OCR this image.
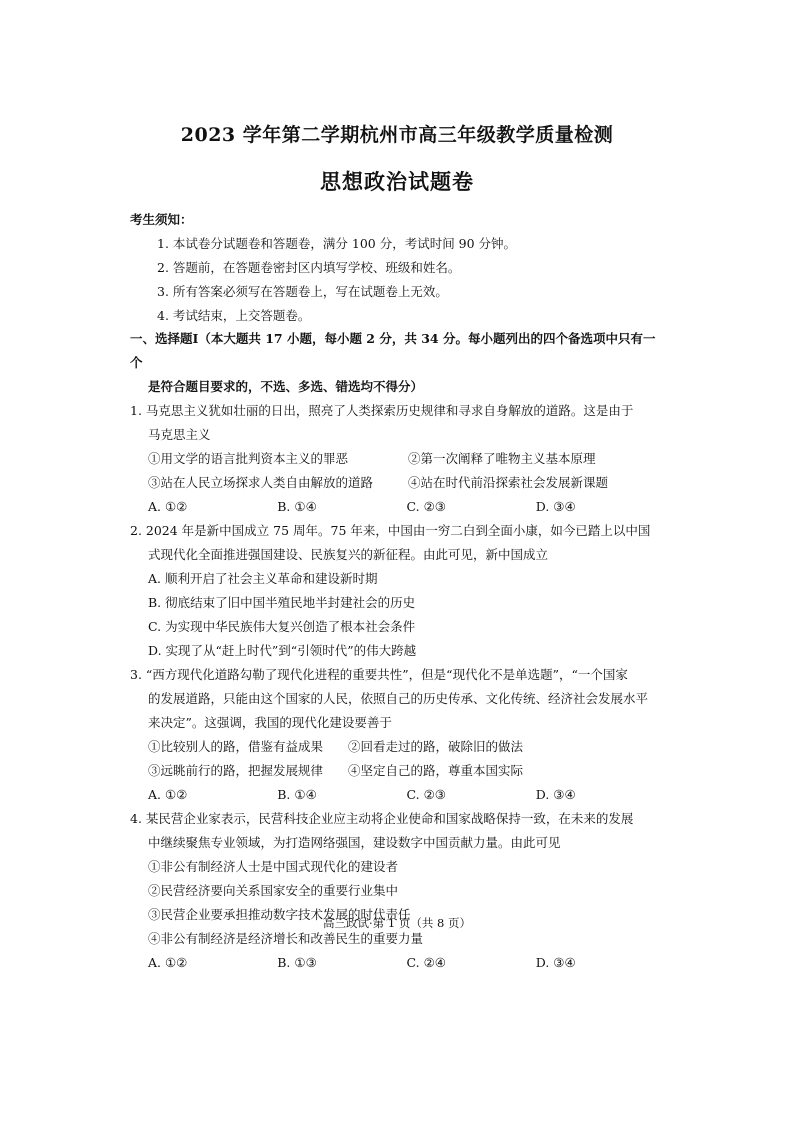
2023 学年第二学期杭州市高三年级教学质量检测
思想政治试题卷
考生须知：
1. 本试卷分试题卷和答题卷，满分 100 分，考试时间 90 分钟。
2. 答题前，在答题卷密封区内填写学校、班级和姓名。
3. 所有答案必须写在答题卷上，写在试题卷上无效。
4. 考试结束，上交答题卷。
一、选择题Ⅰ（本大题共 17 小题，每小题 2 分，共 34 分。每小题列出的四个备选项中只有一个
是符合题目要求的，不选、多选、错选均不得分）
1. 马克思主义犹如壮丽的日出，照亮了人类探索历史规律和寻求自身解放的道路。这是由于
马克思主义
①用文学的语言批判资本主义的罪恶	②第一次阐释了唯物主义基本原理
③站在人民立场探求人类自由解放的道路	④站在时代前沿探索社会发展新课题
A. ①②	B. ①④	C. ②③	D. ③④
2. 2024 年是新中国成立 75 周年。75 年来，中国由一穷二白到全面小康，如今已踏上以中国
式现代化全面推进强国建设、民族复兴的新征程。由此可见，新中国成立
A. 顺利开启了社会主义革命和建设新时期
B. 彻底结束了旧中国半殖民地半封建社会的历史
C. 为实现中华民族伟大复兴创造了根本社会条件
D. 实现了从“赶上时代”到“引领时代”的伟大跨越
3. “西方现代化道路勾勒了现代化进程的重要共性”，但是“现代化不是单选题”，“一个国家
的发展道路，只能由这个国家的人民，依照自己的历史传承、文化传统、经济社会发展水平
来决定”。这强调，我国的现代化建设要善于
①比较别人的路，借鉴有益成果	②回看走过的路，破除旧的做法
③远眺前行的路，把握发展规律	④坚定自己的路，尊重本国实际
A. ①②	B. ①④	C. ②③	D. ③④
4. 某民营企业家表示，民营科技企业应主动将企业使命和国家战略保持一致，在未来的发展
中继续聚焦专业领域，为打造网络强国，建设数字中国贡献力量。由此可见
①非公有制经济人士是中国式现代化的建设者
②民营经济要向关系国家安全的重要行业集中
③民营企业要承担推动数字技术发展的时代责任
④非公有制经济是经济增长和改善民生的重要力量
A. ①②	B. ①③	C. ②④	D. ③④
高三政试·第 1 页（共 8 页）
